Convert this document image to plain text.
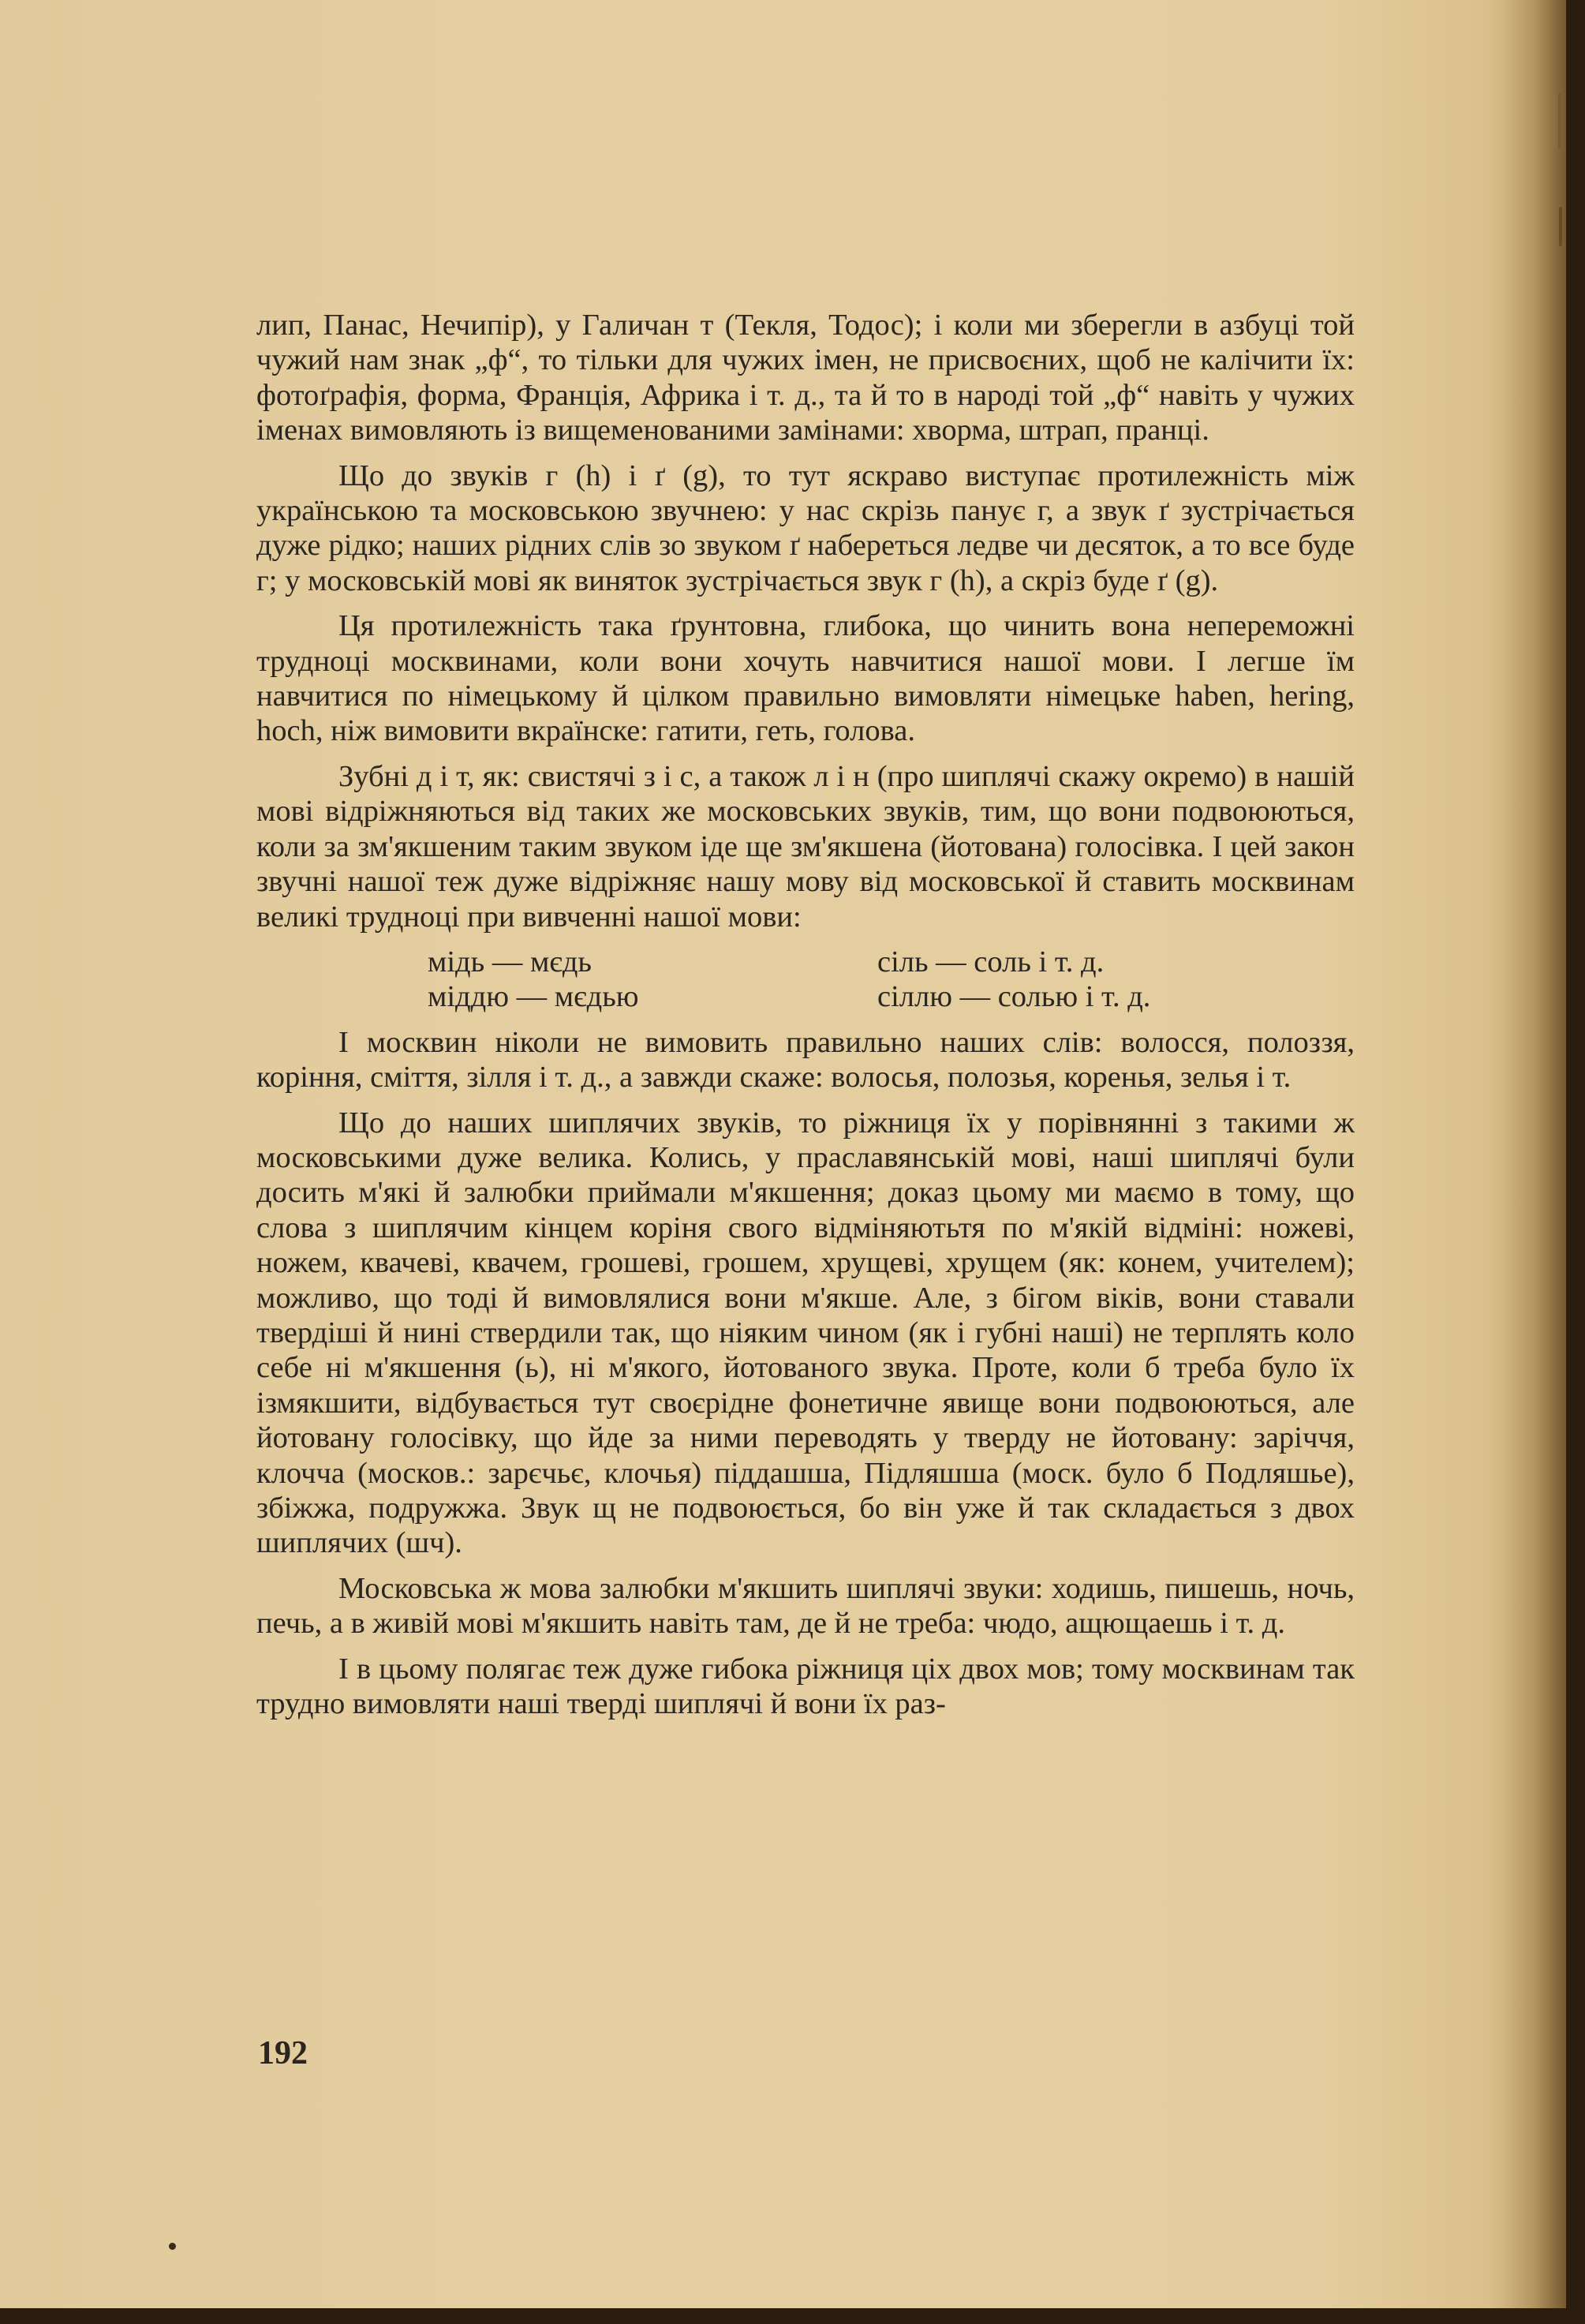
лип, Панас, Нечипір), у Галичан т (Текля, Тодос); і коли ми зберегли в азбуці той чужий нам знак „ф“, то тільки для чужих імен, не присвоєних, щоб не калічити їх: фотоґрафія, форма, Франція, Африка і т. д., та й то в народі той „ф“ навіть у чужих іменах вимовляють із вищеменованими замінами: хворма, штрап, пранці.

Що до звуків г (h) і ґ (g), то тут яскраво виступає протилежність між українською та московською звучнею: у нас скрізь панує г, а звук ґ зустрічається дуже рідко; наших рідних слів зо звуком ґ набереться ледве чи десяток, а то все буде г; у московській мові як виняток зустрічається звук г (h), а скріз буде ґ (g).

Ця протилежність така ґрунтовна, глибока, що чинить вона непереможні трудноці москвинами, коли вони хочуть навчитися нашої мови. І легше їм навчитися по німецькому й цілком правильно вимовляти німецьке haben, hering, hoch, ніж вимовити вкраїнске: гатити, геть, голова.

Зубні д і т, як: свистячі з і с, а також л і н (про шиплячі скажу окремо) в нашій мові відріжняються від таких же московських звуків, тим, що вони подвоюються, коли за зм'якшеним таким звуком іде ще зм'якшена (йотована) голосівка. І цей закон звучні нашої теж дуже відріжняє нашу мову від московської й ставить москвинам великі трудноці при вивченні нашої мови:

мідь — мєдь	сіль — соль і т. д.
міддю — мєдью	сіллю — солью і т. д.

І москвин ніколи не вимовить правильно наших слів: волосся, полоззя, коріння, сміття, зілля і т. д., а завжди скаже: волосья, полозья, коренья, зелья і т.

Що до наших шиплячих звуків, то ріжниця їх у порівнянні з такими ж московськими дуже велика. Колись, у праславянській мові, наші шиплячі були досить м'які й залюбки приймали м'якшення; доказ цьому ми маємо в тому, що слова з шиплячим кінцем коріня свого відміняютьтя по м'якій відміні: ножеві, ножем, квачеві, квачем, грошеві, грошем, хрущеві, хрущем (як: конем, учителем); можливо, що тоді й вимовлялися вони м'якше. Але, з бігом віків, вони ставали твердіші й нині ствердили так, що ніяким чином (як і губні наші) не терплять коло себе ні м'якшення (ь), ні м'якого, йотованого звука. Проте, коли б треба було їх ізмякшити, відбувається тут своєрідне фонетичне явище вони подвоюються, але йотовану голосівку, що йде за ними переводять у тверду не йотовану: заріччя, клочча (москов.: зарєчьє, клочья) піддашша, Підляшша (моск. було б Подляшье), збіжжа, подружжа. Звук щ не подвоюється, бо він уже й так складається з двох шиплячих (шч).

Московська ж мова залюбки м'якшить шиплячі звуки: ходишь, пишешь, ночь, печь, а в живій мові м'якшить навіть там, де й не треба: чюдо, ащющаешь і т. д.

І в цьому полягає теж дуже гибока ріжниця ціх двох мов; тому москвинам так трудно вимовляти наші тверді шиплячі й вони їх раз-

192
